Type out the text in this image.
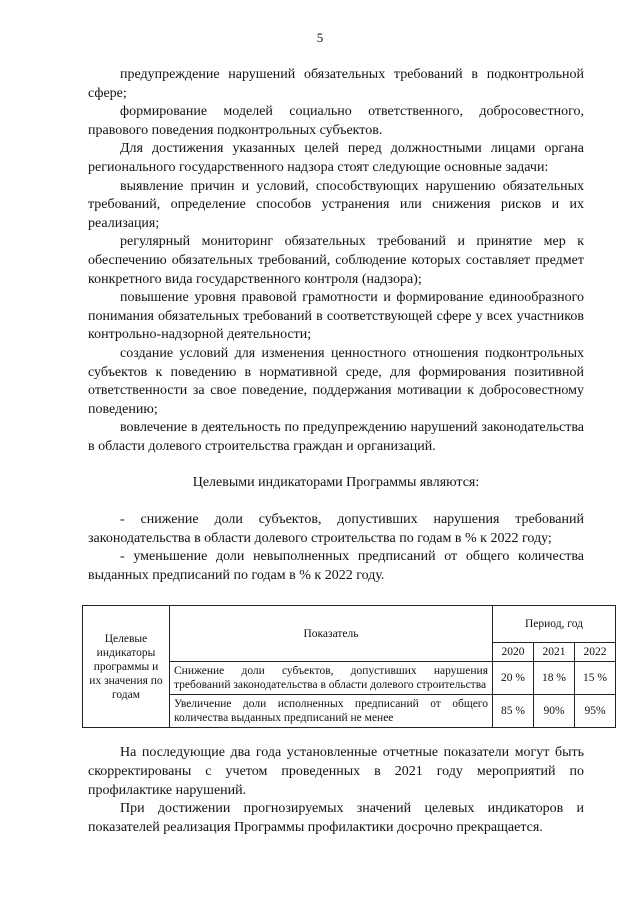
5

предупреждение нарушений обязательных требований в подконтрольной сфере;

формирование моделей социально ответственного, добросовестного, правового поведения подконтрольных субъектов.

Для достижения указанных целей перед должностными лицами органа регионального государственного надзора стоят следующие основные задачи:

выявление причин и условий, способствующих нарушению обязательных требований, определение способов устранения или снижения рисков и их реализация;

регулярный мониторинг обязательных требований и принятие мер к обеспечению обязательных требований, соблюдение которых составляет предмет конкретного вида государственного контроля (надзора);

повышение уровня правовой грамотности и формирование единообразного понимания обязательных требований в соответствующей сфере у всех участников контрольно-надзорной деятельности;

создание условий для изменения ценностного отношения подконтрольных субъектов к поведению в нормативной среде, для формирования позитивной ответственности за свое поведение, поддержания мотивации к добросовестному поведению;

вовлечение в деятельность по предупреждению нарушений законодательства в области долевого строительства граждан и организаций.

Целевыми индикаторами Программы являются:

- снижение доли субъектов, допустивших нарушения требований законодательства в области долевого строительства по годам в % к 2022 году;

- уменьшение доли невыполненных предписаний от общего количества выданных предписаний по годам в % к 2022 году.

Целевые индикаторы программы и их значения по годам	Показатель	Период, год		
		2020	2021	2022
	Снижение доли субъектов, допустивших нарушения требований законодательства в области долевого строительства	20 %	18 %	15 %
	Увеличение доли исполненных предписаний от общего количества выданных предписаний не менее	85 %	90%	95%

На последующие два года установленные отчетные показатели могут быть скорректированы с учетом проведенных в 2021 году мероприятий по профилактике нарушений.

При достижении прогнозируемых значений целевых индикаторов и показателей реализация Программы профилактики досрочно прекращается.
